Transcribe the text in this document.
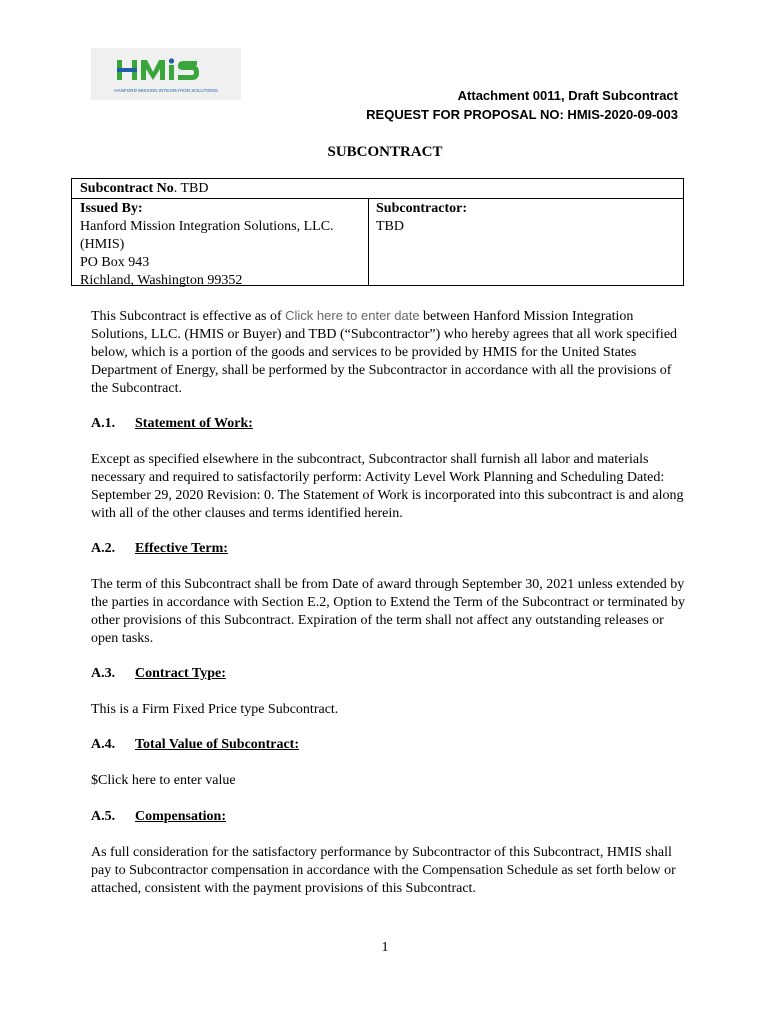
HANFORD MISSION INTEGRATION SOLUTIONS	Attachment 0011, Draft Subcontract
REQUEST FOR PROPOSAL NO: HMIS-2020-09-003
SUBCONTRACT
Subcontract No. TBD
Issued By:
Hanford Mission Integration Solutions, LLC.
(HMIS)
PO Box 943
Richland, Washington 99352
Subcontractor:
TBD
This Subcontract is effective as of Click here to enter date between Hanford Mission Integration Solutions, LLC. (HMIS or Buyer) and TBD (“Subcontractor”) who hereby agrees that all work specified below, which is a portion of the goods and services to be provided by HMIS for the United States Department of Energy, shall be performed by the Subcontractor in accordance with all the provisions of the Subcontract.
A.1. Statement of Work:
Except as specified elsewhere in the subcontract, Subcontractor shall furnish all labor and materials necessary and required to satisfactorily perform: Activity Level Work Planning and Scheduling Dated: September 29, 2020 Revision: 0. The Statement of Work is incorporated into this subcontract is and along with all of the other clauses and terms identified herein.
A.2. Effective Term:
The term of this Subcontract shall be from Date of award through September 30, 2021 unless extended by the parties in accordance with Section E.2, Option to Extend the Term of the Subcontract or terminated by other provisions of this Subcontract. Expiration of the term shall not affect any outstanding releases or open tasks.
A.3. Contract Type:
This is a Firm Fixed Price type Subcontract.
A.4. Total Value of Subcontract:
$Click here to enter value
A.5. Compensation:
As full consideration for the satisfactory performance by Subcontractor of this Subcontract, HMIS shall pay to Subcontractor compensation in accordance with the Compensation Schedule as set forth below or attached, consistent with the payment provisions of this Subcontract.
1
